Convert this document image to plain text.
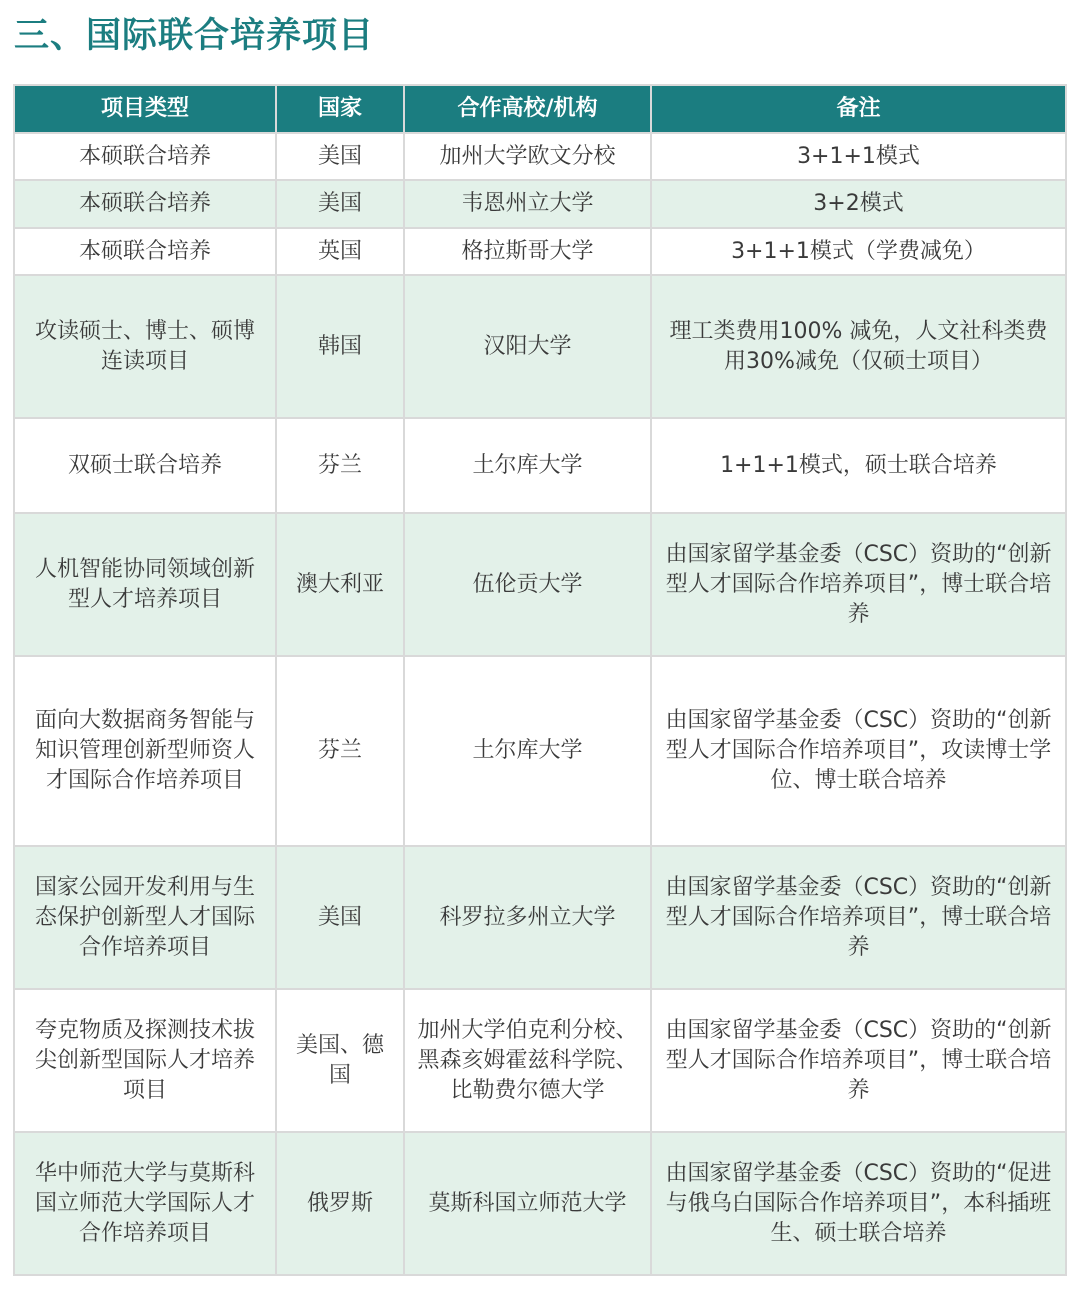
三、国际联合培养项目
项目类型	国家	合作高校/机构	备注
本硕联合培养	美国	加州大学欧文分校	3+1+1模式
本硕联合培养	美国	韦恩州立大学	3+2模式
本硕联合培养	英国	格拉斯哥大学	3+1+1模式（学费减免）
攻读硕士、博士、硕博连读项目	韩国	汉阳大学	理工类费用100% 减免，人文社科类费用30%减免（仅硕士项目）
双硕士联合培养	芬兰	土尔库大学	1+1+1模式，硕士联合培养
人机智能协同领域创新型人才培养项目	澳大利亚	伍伦贡大学	由国家留学基金委（CSC）资助的“创新型人才国际合作培养项目”，博士联合培养
面向大数据商务智能与知识管理创新型师资人才国际合作培养项目	芬兰	土尔库大学	由国家留学基金委（CSC）资助的“创新型人才国际合作培养项目”，攻读博士学位、博士联合培养
国家公园开发利用与生态保护创新型人才国际合作培养项目	美国	科罗拉多州立大学	由国家留学基金委（CSC）资助的“创新型人才国际合作培养项目”，博士联合培养
夸克物质及探测技术拔尖创新型国际人才培养项目	美国、德国	加州大学伯克利分校、黑森亥姆霍兹科学院、比勒费尔德大学	由国家留学基金委（CSC）资助的“创新型人才国际合作培养项目”，博士联合培养
华中师范大学与莫斯科国立师范大学国际人才合作培养项目	俄罗斯	莫斯科国立师范大学	由国家留学基金委（CSC）资助的“促进与俄乌白国际合作培养项目”，本科插班生、硕士联合培养
